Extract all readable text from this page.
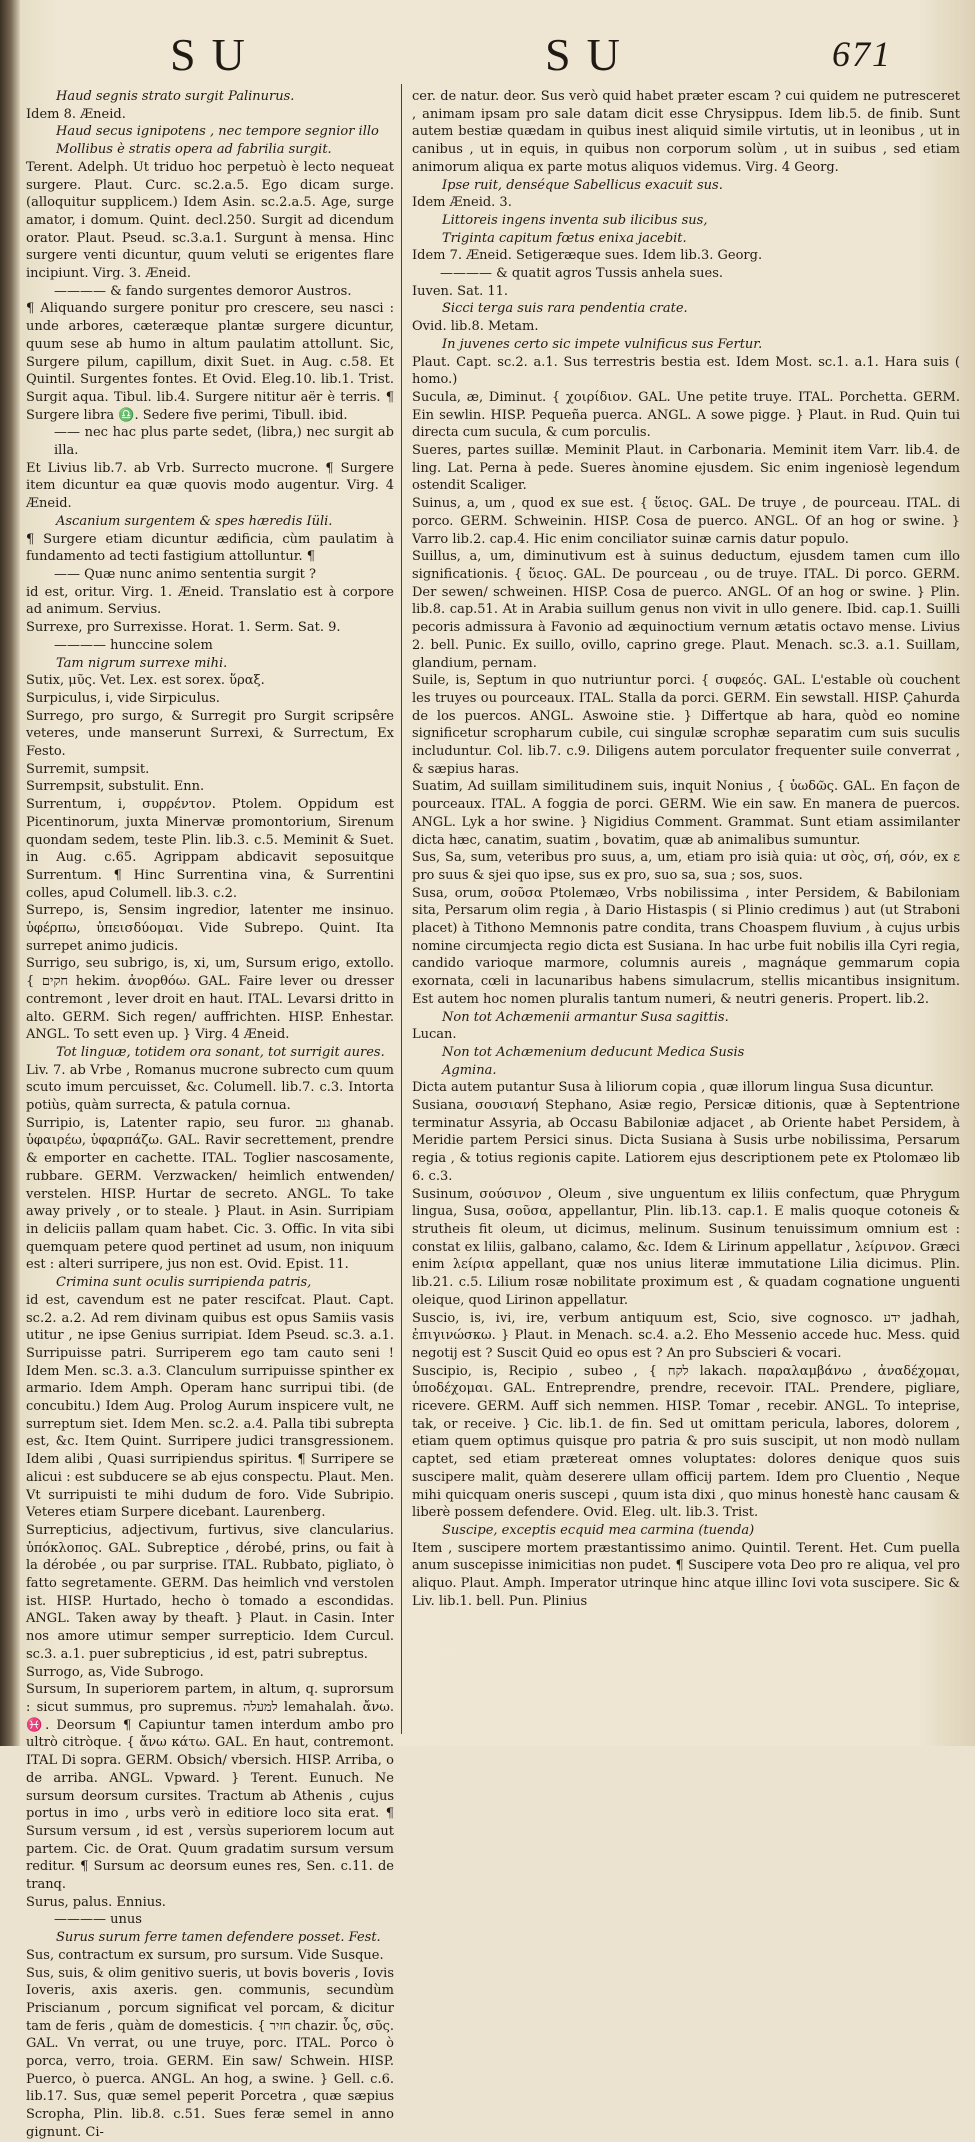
SU	SU	671

Haud segnis strato surgit Palinurus.

Idem 8. Æneid.

Haud secus ignipotens , nec tempore segnior illo

Mollibus è stratis opera ad fabrilia surgit.

Terent. Adelph. Ut triduo hoc perpetuò è lecto nequeat surgere. Plaut. Curc. sc.2.a.5. Ego dicam surge. (alloquitur supplicem.) Idem Asin. sc.2.a.5. Age, surge amator, i domum. Quint. decl.250. Surgit ad dicendum orator. Plaut. Pseud. sc.3.a.1. Surgunt à mensa. Hinc surgere venti dicuntur, quum veluti se erigentes flare incipiunt. Virg. 3. Æneid.

———— & fando surgentes demoror Austros.

¶ Aliquando surgere ponitur pro crescere, seu nasci : unde arbores, cæteræque plantæ surgere dicuntur, quum sese ab humo in altum paulatim attollunt. Sic, Surgere pilum, capillum, dixit Suet. in Aug. c.58. Et Quintil. Surgentes fontes. Et Ovid. Eleg.10. lib.1. Trist. Surgit aqua. Tibul. lib.4. Surgere nititur aër è terris. ¶ Surgere libra ♎. Sedere five perimi, Tibull. ibid.

—— nec hac plus parte sedet, (libra,) nec surgit ab illa.

Et Livius lib.7. ab Vrb. Surrecto mucrone. ¶ Surgere item dicuntur ea quæ quovis modo augentur. Virg. 4 Æneid.

Ascanium surgentem & spes hæredis Iüli.

¶ Surgere etiam dicuntur ædificia, cùm paulatim à fundamento ad tecti fastigium attolluntur. ¶

—— Quæ nunc animo sententia surgit ?

id est, oritur. Virg. 1. Æneid. Translatio est à corpore ad animum. Servius.

Surrexe, pro Surrexisse. Horat. 1. Serm. Sat. 9.

———— hunccine solem

Tam nigrum surrexe mihi.

Sutix, μῦς. Vet. Lex. est sorex. ὕραξ.

Surpiculus, i, vide Sirpiculus.

Surrego, pro surgo, & Surregit pro Surgit scripsêre veteres, unde manserunt Surrexi, & Surrectum, Ex Festo.

Surremit, sumpsit.

Surrempsit, substulit. Enn.

Surrentum, i, συρρέντον. Ptolem. Oppidum est Picentinorum, juxta Minervæ promontorium, Sirenum quondam sedem, teste Plin. lib.3. c.5. Meminit & Suet. in Aug. c.65. Agrippam abdicavit seposuitque Surrentum. ¶ Hinc Surrentina vina, & Surrentini colles, apud Columell. lib.3. c.2.

Surrepo, is, Sensim ingredior, latenter me insinuo. ὑφέρπω, ὑπεισδύομαι. Vide Subrepo. Quint. Ita surrepet animo judicis.

Surrigo, seu subrigo, is, xi, um, Sursum erigo, extollo. { חקים hekim. ἀνορθόω. GAL. Faire lever ou dresser contremont , lever droit en haut. ITAL. Levarsi dritto in alto. GERM. Sich regen/ auffrichten. HISP. Enhestar. ANGL. To sett even up. } Virg. 4 Æneid.

Tot linguæ, totidem ora sonant, tot surrigit aures.

Liv. 7. ab Vrbe , Romanus mucrone subrecto cum quum scuto imum percuisset, &c. Columell. lib.7. c.3. Intorta potiùs, quàm surrecta, & patula cornua.

Surripio, is, Latenter rapio, seu furor. גנב ghanab. ὑφαιρέω, ὑφαρπάζω. GAL. Ravir secrettement, prendre & emporter en cachette. ITAL. Toglier nascosamente, rubbare. GERM. Verzwacken/ heimlich entwenden/ verstelen. HISP. Hurtar de secreto. ANGL. To take away prively , or to steale. } Plaut. in Asin. Surripiam in deliciis pallam quam habet. Cic. 3. Offic. In vita sibi quemquam petere quod pertinet ad usum, non iniquum est : alteri surripere, jus non est. Ovid. Epist. 11.

Crimina sunt oculis surripienda patris,

id est, cavendum est ne pater rescifcat. Plaut. Capt. sc.2. a.2. Ad rem divinam quibus est opus Samiis vasis utitur , ne ipse Genius surripiat. Idem Pseud. sc.3. a.1. Surripuisse patri. Surriperem ego tam cauto seni ! Idem Men. sc.3. a.3. Clanculum surripuisse spinther ex armario. Idem Amph. Operam hanc surripui tibi. (de concubitu.) Idem Aug. Prolog Aurum inspicere vult, ne surreptum siet. Idem Men. sc.2. a.4. Palla tibi subrepta est, &c. Item Quint. Surripere judici transgressionem. Idem alibi , Quasi surripiendus spiritus. ¶ Surripere se alicui : est subducere se ab ejus conspectu. Plaut. Men. Vt surripuisti te mihi dudum de foro. Vide Subripio. Veteres etiam Surpere dicebant. Laurenberg.

Surrepticius, adjectivum, furtivus, sive clancularius. ὑπόκλοπος. GAL. Subreptice , dérobé, prins, ou fait à la dérobée , ou par surprise. ITAL. Rubbato, pigliato, ò fatto segretamente. GERM. Das heimlich vnd verstolen ist. HISP. Hurtado, hecho ò tomado a escondidas. ANGL. Taken away by theaft. } Plaut. in Casin. Inter nos amore utimur semper surrepticio. Idem Curcul. sc.3. a.1. puer subrepticius , id est, patri subreptus.

Surrogo, as, Vide Subrogo.

Sursum, In superiorem partem, in altum, q. suprorsum : sicut summus, pro supremus. למעלה lemahalah. ἄνω. ♓. Deorsum ¶ Capiuntur tamen interdum ambo pro ultrò citròque. { ἄνω κάτω. GAL. En haut, contremont. ITAL Di sopra. GERM. Obsich/ vbersich. HISP. Arriba, o de arriba. ANGL. Vpward. } Terent. Eunuch. Ne sursum deorsum cursites. Tractum ab Athenis , cujus portus in imo , urbs verò in editiore loco sita erat. ¶ Sursum versum , id est , versùs superiorem locum aut partem. Cic. de Orat. Quum gradatim sursum versum reditur. ¶ Sursum ac deorsum eunes res, Sen. c.11. de tranq.

Surus, palus. Ennius.

———— unus

Surus surum ferre tamen defendere posset. Fest.

Sus, contractum ex sursum, pro sursum. Vide Susque.

Sus, suis, & olim genitivo sueris, ut bovis boveris , Iovis Ioveris, axis axeris. gen. communis, secundùm Priscianum , porcum significat vel porcam, & dicitur tam de feris , quàm de domesticis. { חזיר chazir. ὗς, σῦς. GAL. Vn verrat, ou une truye, porc. ITAL. Porco ò porca, verro, troia. GERM. Ein saw/ Schwein. HISP. Puerco, ò puerca. ANGL. An hog, a swine. } Gell. c.6. lib.17. Sus, quæ semel peperit Porcetra , quæ sæpius Scropha, Plin. lib.8. c.51. Sues feræ semel in anno gignunt. Ci-

cer. de natur. deor. Sus verò quid habet præter escam ? cui quidem ne putresceret , animam ipsam pro sale datam dicit esse Chrysippus. Idem lib.5. de finib. Sunt autem bestiæ quædam in quibus inest aliquid simile virtutis, ut in leonibus , ut in canibus , ut in equis, in quibus non corporum solùm , ut in suibus , sed etiam animorum aliqua ex parte motus aliquos videmus. Virg. 4 Georg.

Ipse ruit, denséque Sabellicus exacuit sus.

Idem Æneid. 3.

Littoreis ingens inventa sub ilicibus sus,

Triginta capitum fœtus enixa jacebit.

Idem 7. Æneid. Setigeræque sues. Idem lib.3. Georg.

———— & quatit agros Tussis anhela sues.

Iuven. Sat. 11.

Sicci terga suis rara pendentia crate.

Ovid. lib.8. Metam.

In juvenes certo sic impete vulnificus sus Fertur.

Plaut. Capt. sc.2. a.1. Sus terrestris bestia est. Idem Most. sc.1. a.1. Hara suis ( homo.)

Sucula, æ, Diminut. { χοιρίδιον. GAL. Une petite truye. ITAL. Porchetta. GERM. Ein sewlin. HISP. Pequeña puerca. ANGL. A sowe pigge. } Plaut. in Rud. Quin tui directa cum sucula, & cum porculis.

Sueres, partes suillæ. Meminit Plaut. in Carbonaria. Meminit item Varr. lib.4. de ling. Lat. Perna à pede. Sueres ànomine ejusdem. Sic enim ingeniosè legendum ostendit Scaliger.

Suinus, a, um , quod ex sue est. { ὕειος. GAL. De truye , de pourceau. ITAL. di porco. GERM. Schweinin. HISP. Cosa de puerco. ANGL. Of an hog or swine. } Varro lib.2. cap.4. Hic enim conciliator suinæ carnis datur populo.

Suillus, a, um, diminutivum est à suinus deductum, ejusdem tamen cum illo significationis. { ὕειος. GAL. De pourceau , ou de truye. ITAL. Di porco. GERM. Der sewen/ schweinen. HISP. Cosa de puerco. ANGL. Of an hog or swine. } Plin. lib.8. cap.51. At in Arabia suillum genus non vivit in ullo genere. Ibid. cap.1. Suilli pecoris admissura à Favonio ad æquinoctium vernum ætatis octavo mense. Livius 2. bell. Punic. Ex suillo, ovillo, caprino grege. Plaut. Menach. sc.3. a.1. Suillam, glandium, pernam.

Suile, is, Septum in quo nutriuntur porci. { συφεός. GAL. L'estable où couchent les truyes ou pourceaux. ITAL. Stalla da porci. GERM. Ein sewstall. HISP. Çahurda de los puercos. ANGL. Aswoine stie. } Differtque ab hara, quòd eo nomine significetur scropharum cubile, cui singulæ scrophæ separatim cum suis suculis includuntur. Col. lib.7. c.9. Diligens autem porculator frequenter suile converrat , & sæpius haras.

Suatim, Ad suillam similitudinem suis, inquit Nonius , { ὑωδῶς. GAL. En façon de pourceaux. ITAL. A foggia de porci. GERM. Wie ein saw. En manera de puercos. ANGL. Lyk a hor swine. } Nigidius Comment. Grammat. Sunt etiam assimilanter dicta hæc, canatim, suatim , bovatim, quæ ab animalibus sumuntur.

Sus, Sa, sum, veteribus pro suus, a, um, etiam pro isià quia: ut σὸς, σή, σόν, ex ε pro suus & sjei quo ipse, sus ex pro, suo sa, sua ; sos, suos.

Susa, orum, σοῦσα Ptolemæo, Vrbs nobilissima , inter Persidem, & Babiloniam sita, Persarum olim regia , à Dario Histaspis ( si Plinio credimus ) aut (ut Straboni placet) à Tithono Memnonis patre condita, trans Choaspem fluvium , à cujus urbis nomine circumjecta regio dicta est Susiana. In hac urbe fuit nobilis illa Cyri regia, candido varioque marmore, columnis aureis , magnáque gemmarum copia exornata, cœli in lacunaribus habens simulacrum, stellis micantibus insignitum. Est autem hoc nomen pluralis tantum numeri, & neutri generis. Propert. lib.2.

Non tot Achæmenii armantur Susa sagittis.

Lucan.

Non tot Achæmenium deducunt Medica Susis

Agmina.

Dicta autem putantur Susa à liliorum copia , quæ illorum lingua Susa dicuntur.

Susiana, σουσιανή Stephano, Asiæ regio, Persicæ ditionis, quæ à Septentrione terminatur Assyria, ab Occasu Babiloniæ adjacet , ab Oriente habet Persidem, à Meridie partem Persici sinus. Dicta Susiana à Susis urbe nobilissima, Persarum regia , & totius regionis capite. Latiorem ejus descriptionem pete ex Ptolomæo lib 6. c.3.

Susinum, σούσινον , Oleum , sive unguentum ex liliis confectum, quæ Phrygum lingua, Susa, σοῦσα, appellantur, Plin. lib.13. cap.1. E malis quoque cotoneis & strutheis fit oleum, ut dicimus, melinum. Susinum tenuissimum omnium est : constat ex liliis, galbano, calamo, &c. Idem & Lirinum appellatur , λείρινον. Græci enim λείρια appellant, quæ nos unius literæ immutatione Lilia dicimus. Plin. lib.21. c.5. Lilium rosæ nobilitate proximum est , & quadam cognatione unguenti oleique, quod Lirinon appellatur.

Suscio, is, ivi, ire, verbum antiquum est, Scio, sive cognosco. ידע jadhah, ἐπιγινώσκω. } Plaut. in Menach. sc.4. a.2. Eho Messenio accede huc. Mess. quid negotij est ? Suscit Quid eo opus est ? An pro Subscieri & vocari.

Suscipio, is, Recipio , subeo , { לקח lakach. παραλαμβάνω , ἀναδέχομαι, ὑποδέχομαι. GAL. Entreprendre, prendre, recevoir. ITAL. Prendere, pigliare, ricevere. GERM. Auff sich nemmen. HISP. Tomar , recebir. ANGL. To inteprise, tak, or receive. } Cic. lib.1. de fin. Sed ut omittam pericula, labores, dolorem , etiam quem optimus quisque pro patria & pro suis suscipit, ut non modò nullam captet, sed etiam prætereat omnes voluptates: dolores denique quos suis suscipere malit, quàm deserere ullam officij partem. Idem pro Cluentio , Neque mihi quicquam oneris suscepi , quum ista dixi , quo minus honestè hanc causam & liberè possem defendere. Ovid. Eleg. ult. lib.3. Trist.

Suscipe, exceptis ecquid mea carmina (tuenda)

Item , suscipere mortem præstantissimo animo. Quintil. Terent. Het. Cum puella anum suscepisse inimicitias non pudet. ¶ Suscipere vota Deo pro re aliqua, vel pro aliquo. Plaut. Amph. Imperator utrinque hinc atque illinc Iovi vota suscipere. Sic & Liv. lib.1. bell. Pun. Plinius
